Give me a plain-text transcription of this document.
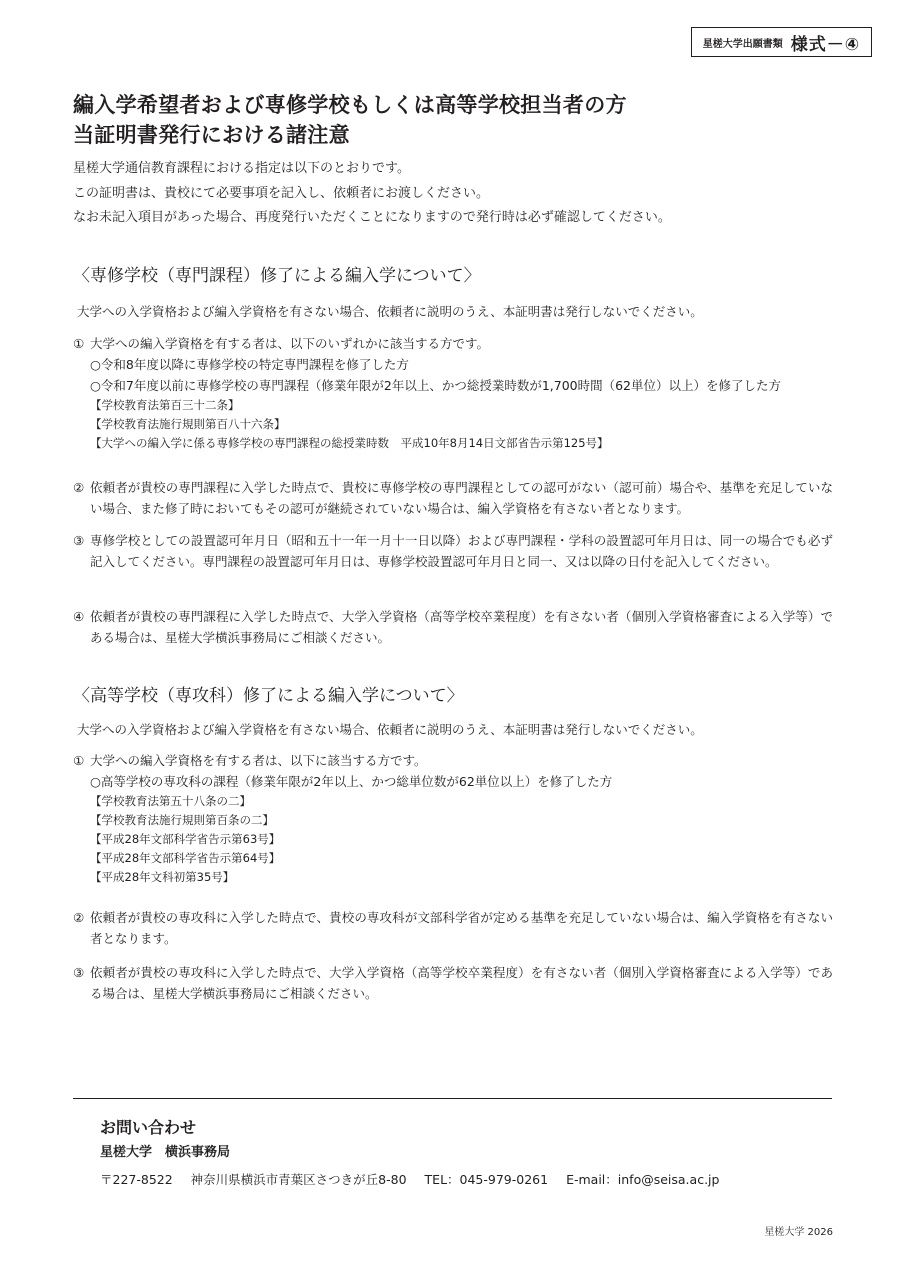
星槎大学出願書類 様式－④
編入学希望者および専修学校もしくは高等学校担当者の方
当証明書発行における諸注意
星槎大学通信教育課程における指定は以下のとおりです。
この証明書は、貴校にて必要事項を記入し、依頼者にお渡しください。
なお未記入項目があった場合、再度発行いただくことになりますので発行時は必ず確認してください。
〈専修学校（専門課程）修了による編入学について〉

大学への入学資格および編入学資格を有さない場合、依頼者に説明のうえ、本証明書は発行しないでください。

① 大学への編入学資格を有する者は、以下のいずれかに該当する方です。
○令和8年度以降に専修学校の特定専門課程を修了した方
○令和7年度以前に専修学校の専門課程（修業年限が2年以上、かつ総授業時数が1,700時間（62単位）以上）を修了した方
【学校教育法第百三十二条】
【学校教育法施行規則第百八十六条】
【大学への編入学に係る専修学校の専門課程の総授業時数　平成10年8月14日文部省告示第125号】
② 依頼者が貴校の専門課程に入学した時点で、貴校に専修学校の専門課程としての認可がない（認可前）場合や、基準を充足していない場合、また修了時においてもその認可が継続されていない場合は、編入学資格を有さない者となります。
③ 専修学校としての設置認可年月日（昭和五十一年一月十一日以降）および専門課程・学科の設置認可年月日は、同一の場合でも必ず記入してください。専門課程の設置認可年月日は、専修学校設置認可年月日と同一、又は以降の日付を記入してください。
④ 依頼者が貴校の専門課程に入学した時点で、大学入学資格（高等学校卒業程度）を有さない者（個別入学資格審査による入学等）である場合は、星槎大学横浜事務局にご相談ください。
〈高等学校（専攻科）修了による編入学について〉

大学への入学資格および編入学資格を有さない場合、依頼者に説明のうえ、本証明書は発行しないでください。

① 大学への編入学資格を有する者は、以下に該当する方です。
○高等学校の専攻科の課程（修業年限が2年以上、かつ総単位数が62単位以上）を修了した方
【学校教育法第五十八条の二】
【学校教育法施行規則第百条の二】
【平成28年文部科学省告示第63号】
【平成28年文部科学省告示第64号】
【平成28年文科初第35号】
② 依頼者が貴校の専攻科に入学した時点で、貴校の専攻科が文部科学省が定める基準を充足していない場合は、編入学資格を有さない者となります。
③ 依頼者が貴校の専攻科に入学した時点で、大学入学資格（高等学校卒業程度）を有さない者（個別入学資格審査による入学等）である場合は、星槎大学横浜事務局にご相談ください。
お問い合わせ

星槎大学　横浜事務局

〒227-8522 神奈川県横浜市青葉区さつきが丘8-80 TEL：045-979-0261 E-mail：info@seisa.ac.jp

星槎大学 2026
